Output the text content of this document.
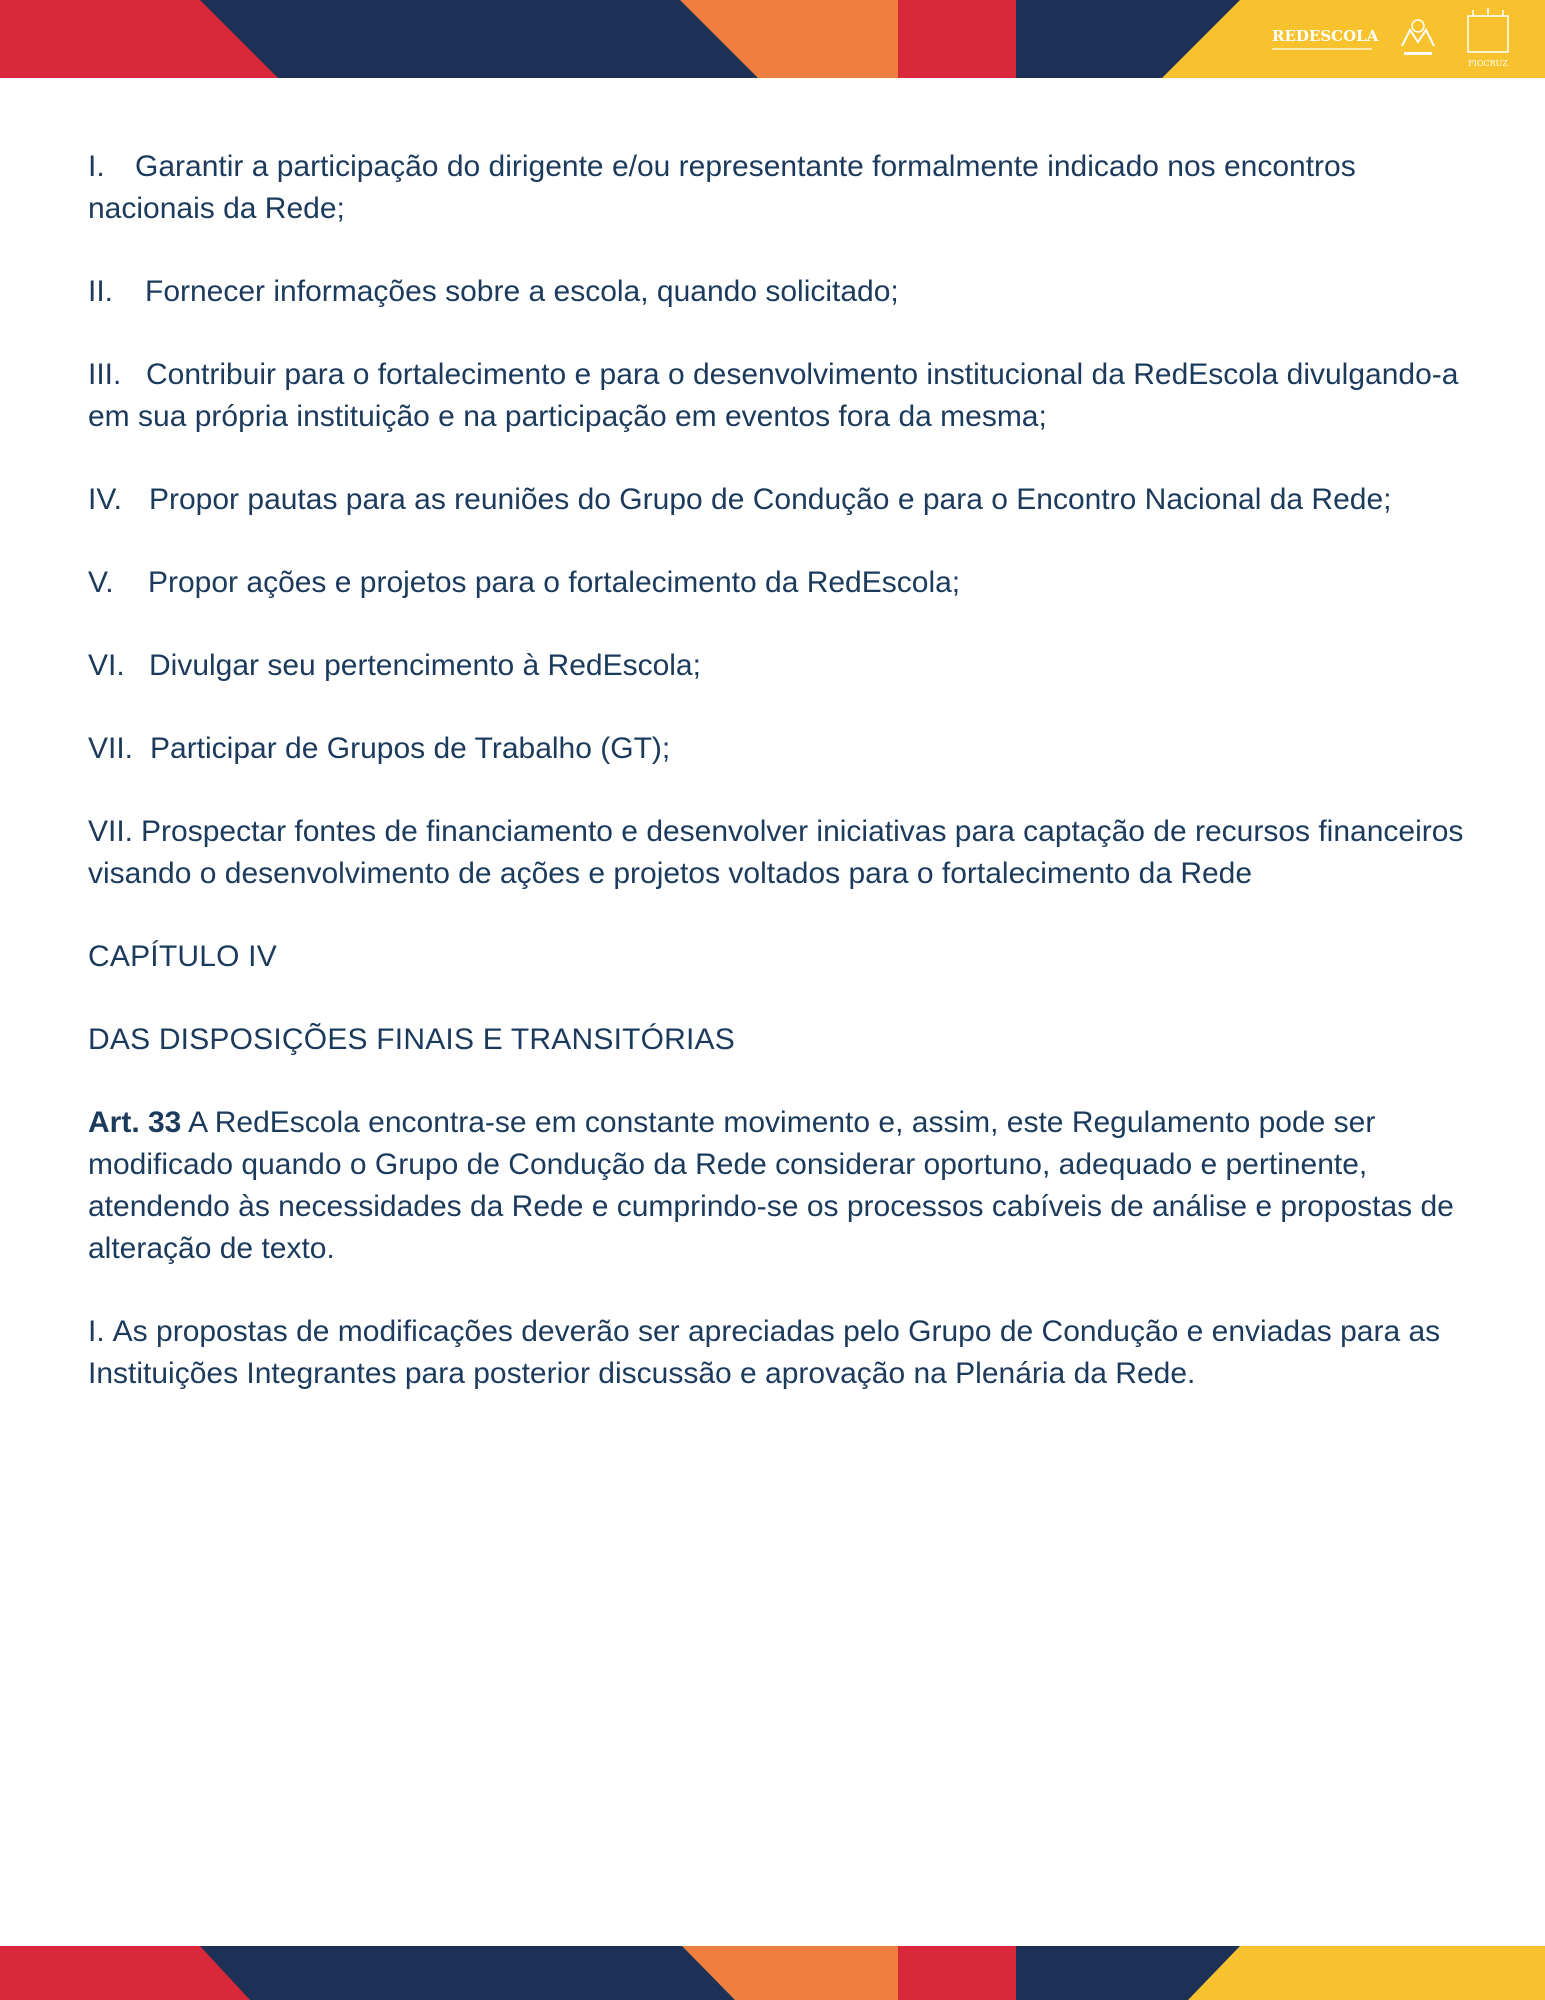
REDESCOLA
FIOCRUZ

I. Garantir a participação do dirigente e/ou representante formalmente indicado nos encontros nacionais da Rede;

II. Fornecer informações sobre a escola, quando solicitado;

III. Contribuir para o fortalecimento e para o desenvolvimento institucional da RedEscola divulgando-a em sua própria instituição e na participação em eventos fora da mesma;

IV. Propor pautas para as reuniões do Grupo de Condução e para o Encontro Nacional da Rede;

V. Propor ações e projetos para o fortalecimento da RedEscola;

VI. Divulgar seu pertencimento à RedEscola;

VII. Participar de Grupos de Trabalho (GT);

VII. Prospectar fontes de financiamento e desenvolver iniciativas para captação de recursos financeiros visando o desenvolvimento de ações e projetos voltados para o fortalecimento da Rede

CAPÍTULO IV

DAS DISPOSIÇÕES FINAIS E TRANSITÓRIAS

Art. 33 A RedEscola encontra-se em constante movimento e, assim, este Regulamento pode ser modificado quando o Grupo de Condução da Rede considerar oportuno, adequado e pertinente, atendendo às necessidades da Rede e cumprindo-se os processos cabíveis de análise e propostas de alteração de texto.

I. As propostas de modificações deverão ser apreciadas pelo Grupo de Condução e enviadas para as Instituições Integrantes para posterior discussão e aprovação na Plenária da Rede.
